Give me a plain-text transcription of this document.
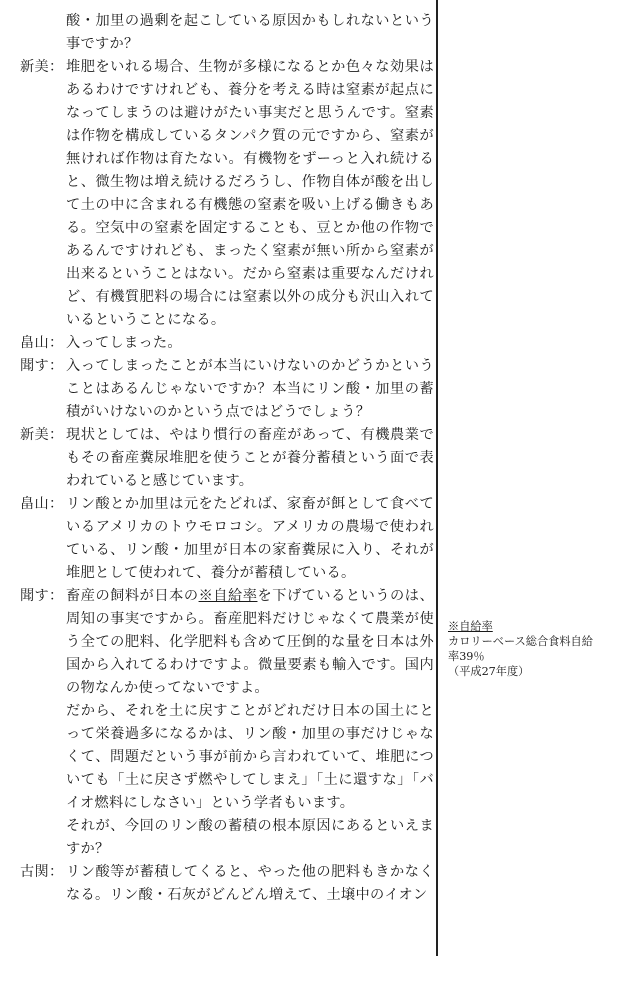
酸・加里の過剰を起こしている原因かもしれないという事ですか？
新美： 堆肥をいれる場合、生物が多様になるとか色々な効果はあるわけですけれども、養分を考える時は窒素が起点になってしまうのは避けがたい事実だと思うんです。窒素は作物を構成しているタンパク質の元ですから、窒素が無ければ作物は育たない。有機物をずーっと入れ続けると、微生物は増え続けるだろうし、作物自体が酸を出して土の中に含まれる有機態の窒素を吸い上げる働きもある。空気中の窒素を固定することも、豆とか他の作物であるんですけれども、まったく窒素が無い所から窒素が出来るということはない。だから窒素は重要なんだけれど、有機質肥料の場合には窒素以外の成分も沢山入れているということになる。
畠山： 入ってしまった。
聞す： 入ってしまったことが本当にいけないのかどうかということはあるんじゃないですか？本当にリン酸・加里の蓄積がいけないのかという点ではどうでしょう？
新美： 現状としては、やはり慣行の畜産があって、有機農業でもその畜産糞尿堆肥を使うことが養分蓄積という面で表われていると感じています。
畠山： リン酸とか加里は元をたどれば、家畜が餌として食べているアメリカのトウモロコシ。アメリカの農場で使われている、リン酸・加里が日本の家畜糞尿に入り、それが堆肥として使われて、養分が蓄積している。
聞す： 畜産の飼料が日本の※自給率を下げているというのは、周知の事実ですから。畜産肥料だけじゃなくて農業が使う全ての肥料、化学肥料も含めて圧倒的な量を日本は外国から入れてるわけですよ。微量要素も輸入です。国内の物なんか使ってないですよ。
だから、それを土に戻すことがどれだけ日本の国土にとって栄養過多になるかは、リン酸・加里の事だけじゃなくて、問題だという事が前から言われていて、堆肥についても「土に戻さず燃やしてしまえ」「土に還すな」「バイオ燃料にしなさい」という学者もいます。
それが、今回のリン酸の蓄積の根本原因にあるといえますか？
古関： リン酸等が蓄積してくると、やった他の肥料もきかなくなる。リン酸・石灰がどんどん増えて、土壌中のイオン
※自給率
カロリーベース総合食料自給率39％
（平成27年度）
